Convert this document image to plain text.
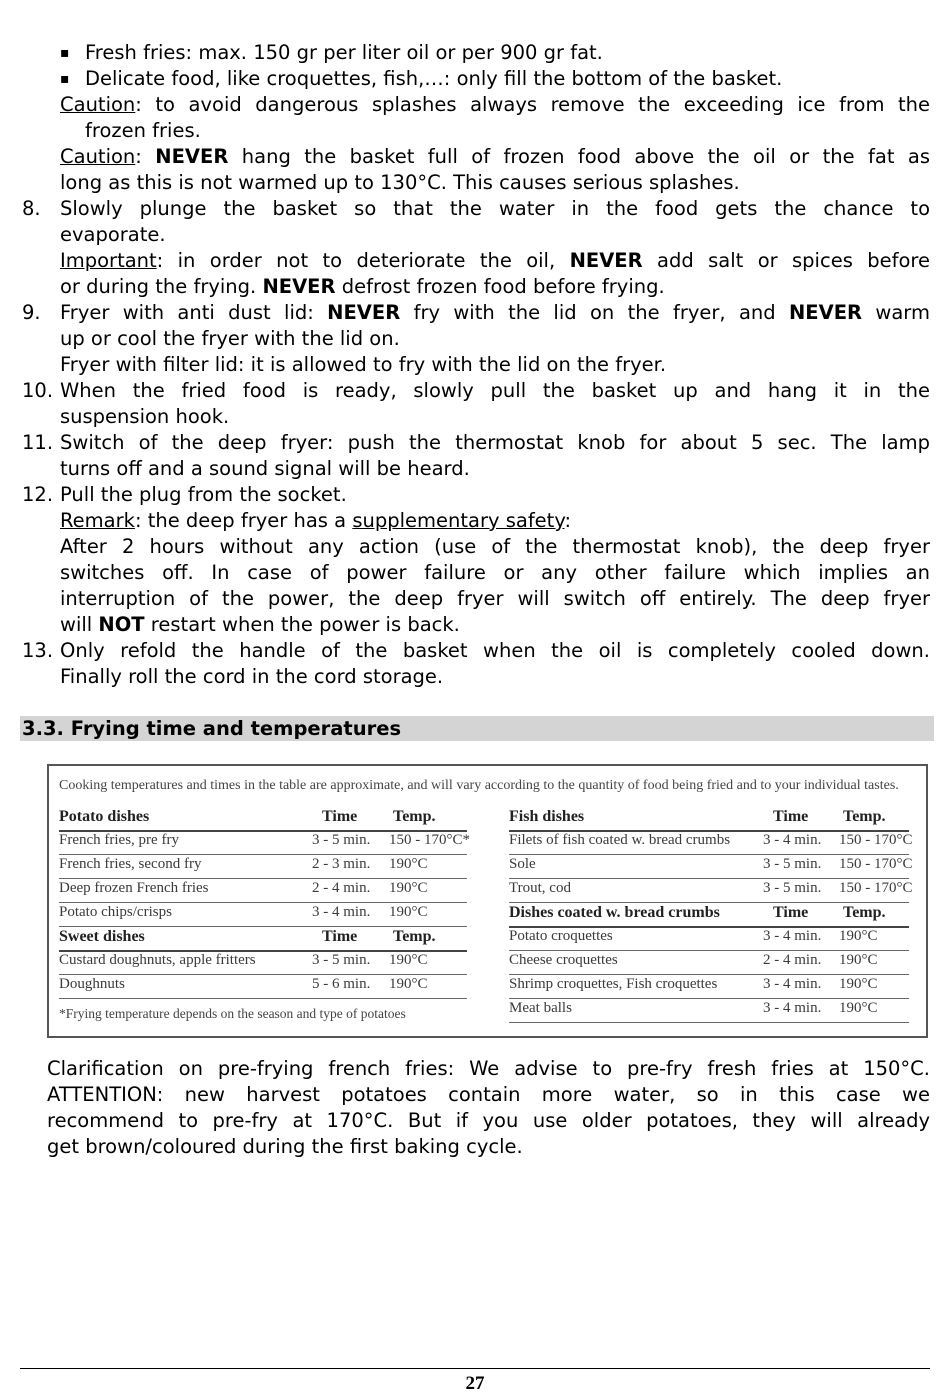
▪ Fresh fries: max. 150 gr per liter oil or per 900 gr fat.
▪ Delicate food, like croquettes, fish,…: only fill the bottom of the basket.
Caution: to avoid dangerous splashes always remove the exceeding ice from the
frozen fries.
Caution: NEVER hang the basket full of frozen food above the oil or the fat as
long as this is not warmed up to 130°C. This causes serious splashes.
8. Slowly plunge the basket so that the water in the food gets the chance to
evaporate.
Important: in order not to deteriorate the oil, NEVER add salt or spices before
or during the frying. NEVER defrost frozen food before frying.
9. Fryer with anti dust lid: NEVER fry with the lid on the fryer, and NEVER warm
up or cool the fryer with the lid on.
Fryer with filter lid: it is allowed to fry with the lid on the fryer.
10. When the fried food is ready, slowly pull the basket up and hang it in the
suspension hook.
11. Switch of the deep fryer: push the thermostat knob for about 5 sec. The lamp
turns off and a sound signal will be heard.
12. Pull the plug from the socket.
Remark: the deep fryer has a supplementary safety:
After 2 hours without any action (use of the thermostat knob), the deep fryer
switches off. In case of power failure or any other failure which implies an
interruption of the power, the deep fryer will switch off entirely. The deep fryer
will NOT restart when the power is back.
13. Only refold the handle of the basket when the oil is completely cooled down.
Finally roll the cord in the cord storage.
3.3. Frying time and temperatures
Cooking temperatures and times in the table are approximate, and will vary according to the quantity of food being fried and to your individual tastes.
*Frying temperature depends on the season and type of potatoes
Potato dishes	Time Temp.
French fries, pre fry	3 - 5 min. 150 - 170°C*
French fries, second fry	2 - 3 min. 190°C
Deep frozen French fries	2 - 4 min. 190°C
Potato chips/crisps	3 - 4 min. 190°C
Sweet dishes	Time Temp.
Custard doughnuts, apple fritters	3 - 5 min. 190°C
Doughnuts	5 - 6 min. 190°C
Fish dishes	Time Temp.
Filets of fish coated w. bread crumbs 3 - 4 min. 150 - 170°C
Sole	3 - 5 min. 150 - 170°C
Trout, cod	3 - 5 min. 150 - 170°C
Dishes coated w. bread crumbs	Time Temp.
Potato croquettes	3 - 4 min. 190°C
Cheese croquettes	2 - 4 min. 190°C
Shrimp croquettes, Fish croquettes	3 - 4 min. 190°C
Meat balls	3 - 4 min. 190°C
Clarification on pre-frying french fries: We advise to pre-fry fresh fries at 150°C.
ATTENTION: new harvest potatoes contain more water, so in this case we
recommend to pre-fry at 170°C. But if you use older potatoes, they will already
get brown/coloured during the first baking cycle.
27
